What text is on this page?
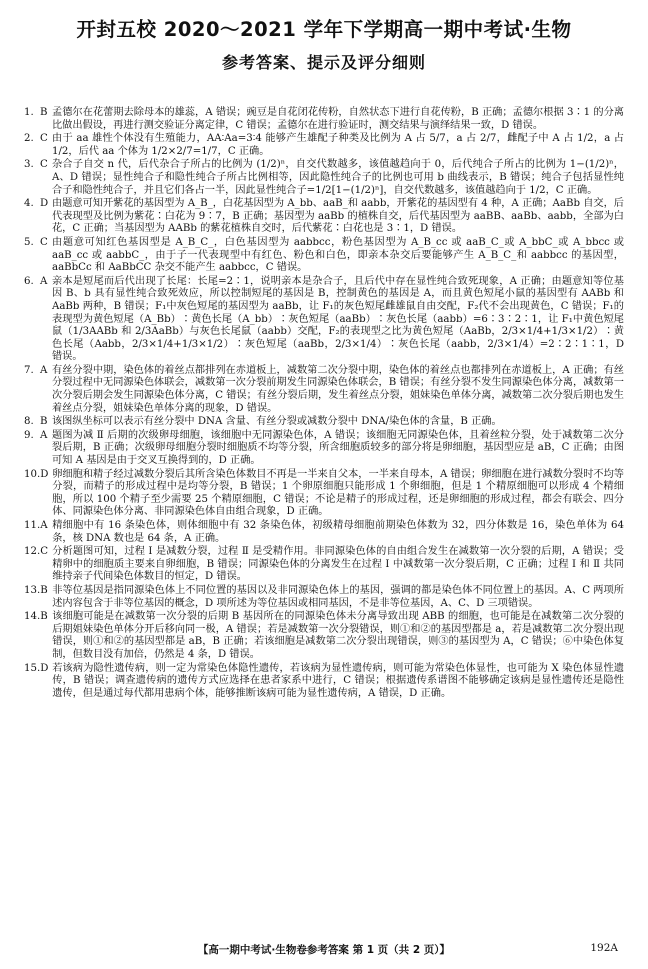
开封五校 2020～2021 学年下学期高一期中考试·生物
参考答案、提示及评分细则
1. B 孟德尔在花蕾期去除母本的雄蕊，A 错误；豌豆是自花闭花传粉，自然状态下进行自花传粉，B 正确；孟德尔根据 3∶1 的分离比做出假设，再进行测交验证分离定律，C 错误；孟德尔在进行验证时，测交结果与演绎结果一致，D 错误。
2. C 由于 aa 雄性个体没有生殖能力，AA∶Aa=3∶4 能够产生雄配子种类及比例为 A 占 5/7，a 占 2/7，雌配子中 A 占 1/2，a 占 1/2，后代 aa 个体为 1/2×2/7=1/7，C 正确。
3. C 杂合子自交 n 代，后代杂合子所占的比例为 (1/2)ⁿ，自交代数越多，该值越趋向于 0，后代纯合子所占的比例为 1−(1/2)ⁿ，A、D 错误；显性纯合子和隐性纯合子所占比例相等，因此隐性纯合子的比例也可用 b 曲线表示，B 错误；纯合子包括显性纯合子和隐性纯合子，并且它们各占一半，因此显性纯合子=1/2[1−(1/2)ⁿ]，自交代数越多，该值越趋向于 1/2，C 正确。
4. D 由题意可知开紫花的基因型为 A_B_，白花基因型为 A_bb、aaB_和 aabb，开紫花的基因型有 4 种，A 正确；AaBb 自交，后代表现型及比例为紫花∶白花为 9∶7，B 正确；基因型为 aaBb 的植株自交，后代基因型为 aaBB、aaBb、aabb，全部为白花，C 正确；当基因型为 AABb 的紫花植株自交时，后代紫花∶白花也是 3∶1，D 错误。
5. C 由题意可知红色基因型是 A_B_C_，白色基因型为 aabbcc，粉色基因型为 A_B_cc 或 aaB_C_或 A_bbC_或 A_bbcc 或 aaB_cc 或 aabbC_，由于子一代表现型中有红色、粉色和白色，即亲本杂交后要能够产生 A_B_C_和 aabbcc 的基因型，aaBbCc 和 AaBbCC 杂交不能产生 aabbcc，C 错误。
6. A 亲本是短尾而后代出现了长尾：长尾=2∶1，说明亲本是杂合子，且后代中存在显性纯合致死现象，A 正确；由题意知等位基因 B、b 具有显性纯合致死效应，所以控制短尾的基因是 B，控制黄色的基因是 A，而且黄色短尾小鼠的基因型有 AABb 和 AaBb 两种，B 错误；F₁中灰色短尾的基因型为 aaBb，让 F₁的灰色短尾雌雄鼠自由交配，F₂代不会出现黄色，C 错误；F₁的表现型为黄色短尾（A_Bb）∶黄色长尾（A_bb）∶灰色短尾（aaBb）∶灰色长尾（aabb）=6∶3∶2∶1，让 F₁中黄色短尾鼠（1/3AABb 和 2/3AaBb）与灰色长尾鼠（aabb）交配，F₂的表现型之比为黄色短尾（AaBb，2/3×1/4+1/3×1/2）∶黄色长尾（Aabb，2/3×1/4+1/3×1/2）∶灰色短尾（aaBb，2/3×1/4）∶灰色长尾（aabb，2/3×1/4）=2∶2∶1∶1，D 错误。
7. A 有丝分裂中期，染色体的着丝点都排列在赤道板上，减数第二次分裂中期，染色体的着丝点也都排列在赤道板上，A 正确；有丝分裂过程中无同源染色体联会，减数第一次分裂前期发生同源染色体联会，B 错误；有丝分裂不发生同源染色体分离，减数第一次分裂后期会发生同源染色体分离，C 错误；有丝分裂后期，发生着丝点分裂，姐妹染色单体分离，减数第二次分裂后期也发生着丝点分裂，姐妹染色单体分离的现象，D 错误。
8. B 该图纵坐标可以表示有丝分裂中 DNA 含量、有丝分裂或减数分裂中 DNA/染色体的含量，B 正确。
9. A 题图为减 Ⅱ 后期的次级卵母细胞，该细胞中无同源染色体，A 错误；该细胞无同源染色体，且着丝粒分裂，处于减数第二次分裂后期，B 正确；次级卵母细胞分裂时细胞质不均等分裂，所含细胞质较多的部分将是卵细胞，基因型应是 aB，C 正确；由图可知 A 基因是由于交叉互换得到的，D 正确。
10. D 卵细胞和精子经过减数分裂后其所含染色体数目不再是一半来自父本，一半来自母本，A 错误；卵细胞在进行减数分裂时不均等分裂，而精子的形成过程中是均等分裂，B 错误；1 个卵原细胞只能形成 1 个卵细胞，但是 1 个精原细胞可以形成 4 个精细胞，所以 100 个精子至少需要 25 个精原细胞，C 错误；不论是精子的形成过程，还是卵细胞的形成过程，都会有联会、四分体、同源染色体分离、非同源染色体自由组合现象，D 正确。
11. A 精细胞中有 16 条染色体，则体细胞中有 32 条染色体，初级精母细胞前期染色体数为 32，四分体数是 16，染色单体为 64 条，核 DNA 数也是 64 条，A 正确。
12. C 分析题图可知，过程 Ⅰ 是减数分裂，过程 Ⅱ 是受精作用。非同源染色体的自由组合发生在减数第一次分裂的后期，A 错误；受精卵中的细胞质主要来自卵细胞，B 错误；同源染色体的分离发生在过程 Ⅰ 中减数第一次分裂后期，C 正确；过程 Ⅰ 和 Ⅱ 共同维持亲子代间染色体数目的恒定，D 错误。
13. B 非等位基因是指同源染色体上不同位置的基因以及非同源染色体上的基因，强调的都是染色体不同位置上的基因。A、C 两项所述内容包含于非等位基因的概念，D 项所述为等位基因或相同基因，不是非等位基因，A、C、D 三项错误。
14. B 该细胞可能是在减数第一次分裂的后期 B 基因所在的同源染色体未分离导致出现 ABB 的细胞，也可能是在减数第二次分裂的后期姐妹染色单体分开后移向同一极，A 错误；若是减数第一次分裂错误，则①和②的基因型都是 a，若是减数第二次分裂出现错误，则①和②的基因型都是 aB，B 正确；若该细胞是减数第二次分裂出现错误，则③的基因型为 A，C 错误；⑥中染色体复制，但数目没有加倍，仍然是 4 条，D 错误。
15. D 若该病为隐性遗传病，则一定为常染色体隐性遗传，若该病为显性遗传病，则可能为常染色体显性，也可能为 X 染色体显性遗传，B 错误；调查遗传病的遗传方式应选择在患者家系中进行，C 错误；根据遗传系谱图不能够确定该病是显性遗传还是隐性遗传，但是通过每代都用患病个体，能够推断该病可能为显性遗传病，A 错误，D 正确。
【高一期中考试·生物卷参考答案 第 1 页（共 2 页）】	192A
